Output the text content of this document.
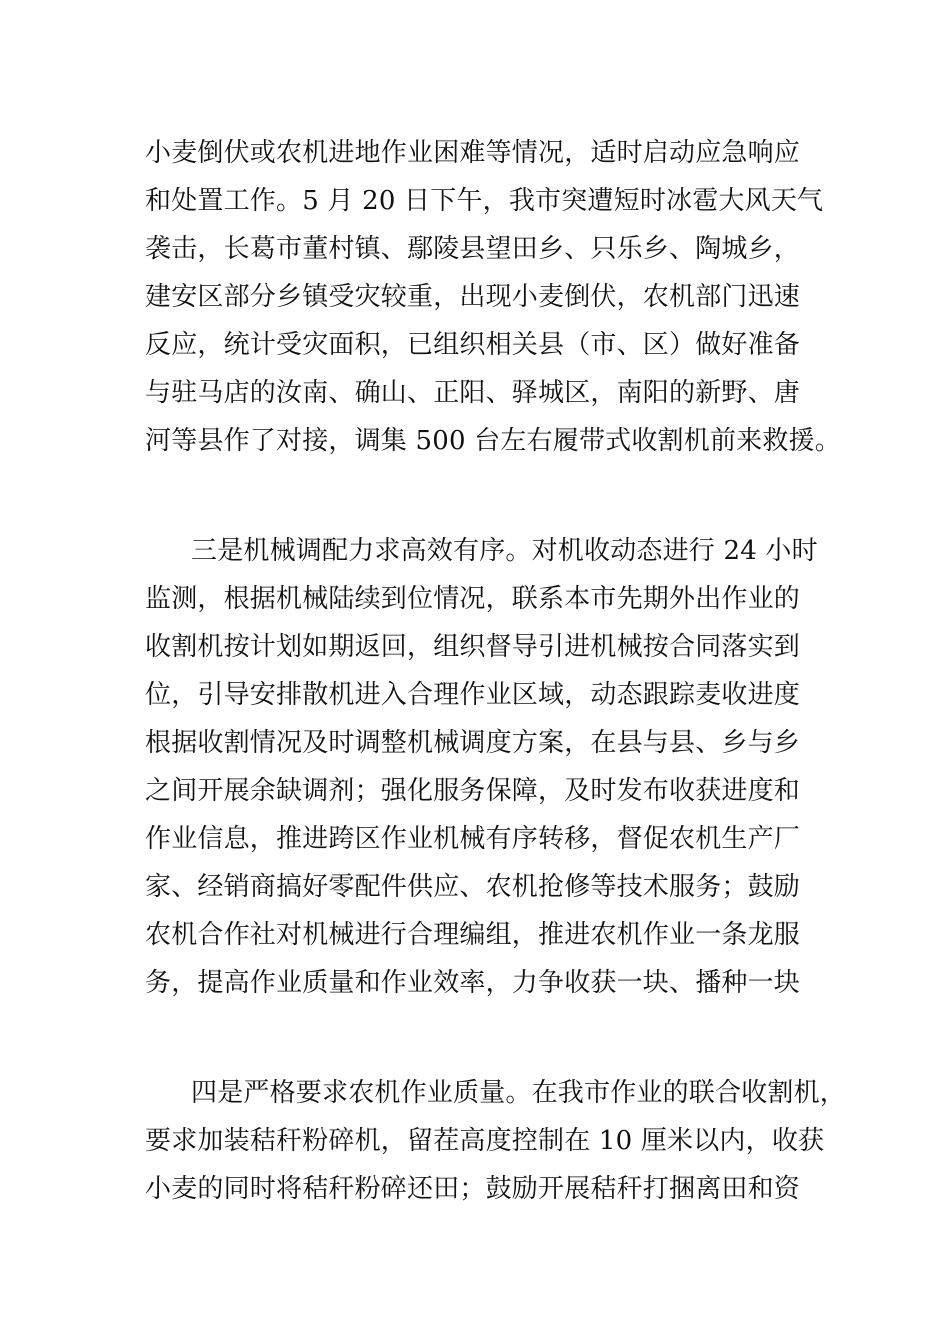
小麦倒伏或农机进地作业困难等情况，适时启动应急响应
和处置工作。5 月 20 日下午，我市突遭短时冰雹大风天气
袭击，长葛市董村镇、鄢陵县望田乡、只乐乡、陶城乡，
建安区部分乡镇受灾较重，出现小麦倒伏，农机部门迅速
反应，统计受灾面积，已组织相关县（市、区）做好准备
与驻马店的汝南、确山、正阳、驿城区，南阳的新野、唐
河等县作了对接，调集 500 台左右履带式收割机前来救援。
三是机械调配力求高效有序。对机收动态进行 24 小时
监测，根据机械陆续到位情况，联系本市先期外出作业的
收割机按计划如期返回，组织督导引进机械按合同落实到
位，引导安排散机进入合理作业区域，动态跟踪麦收进度
根据收割情况及时调整机械调度方案，在县与县、乡与乡
之间开展余缺调剂；强化服务保障，及时发布收获进度和
作业信息，推进跨区作业机械有序转移，督促农机生产厂
家、经销商搞好零配件供应、农机抢修等技术服务；鼓励
农机合作社对机械进行合理编组，推进农机作业一条龙服
务，提高作业质量和作业效率，力争收获一块、播种一块
四是严格要求农机作业质量。在我市作业的联合收割机，
要求加装秸秆粉碎机，留茬高度控制在 10 厘米以内，收获
小麦的同时将秸秆粉碎还田；鼓励开展秸秆打捆离田和资
